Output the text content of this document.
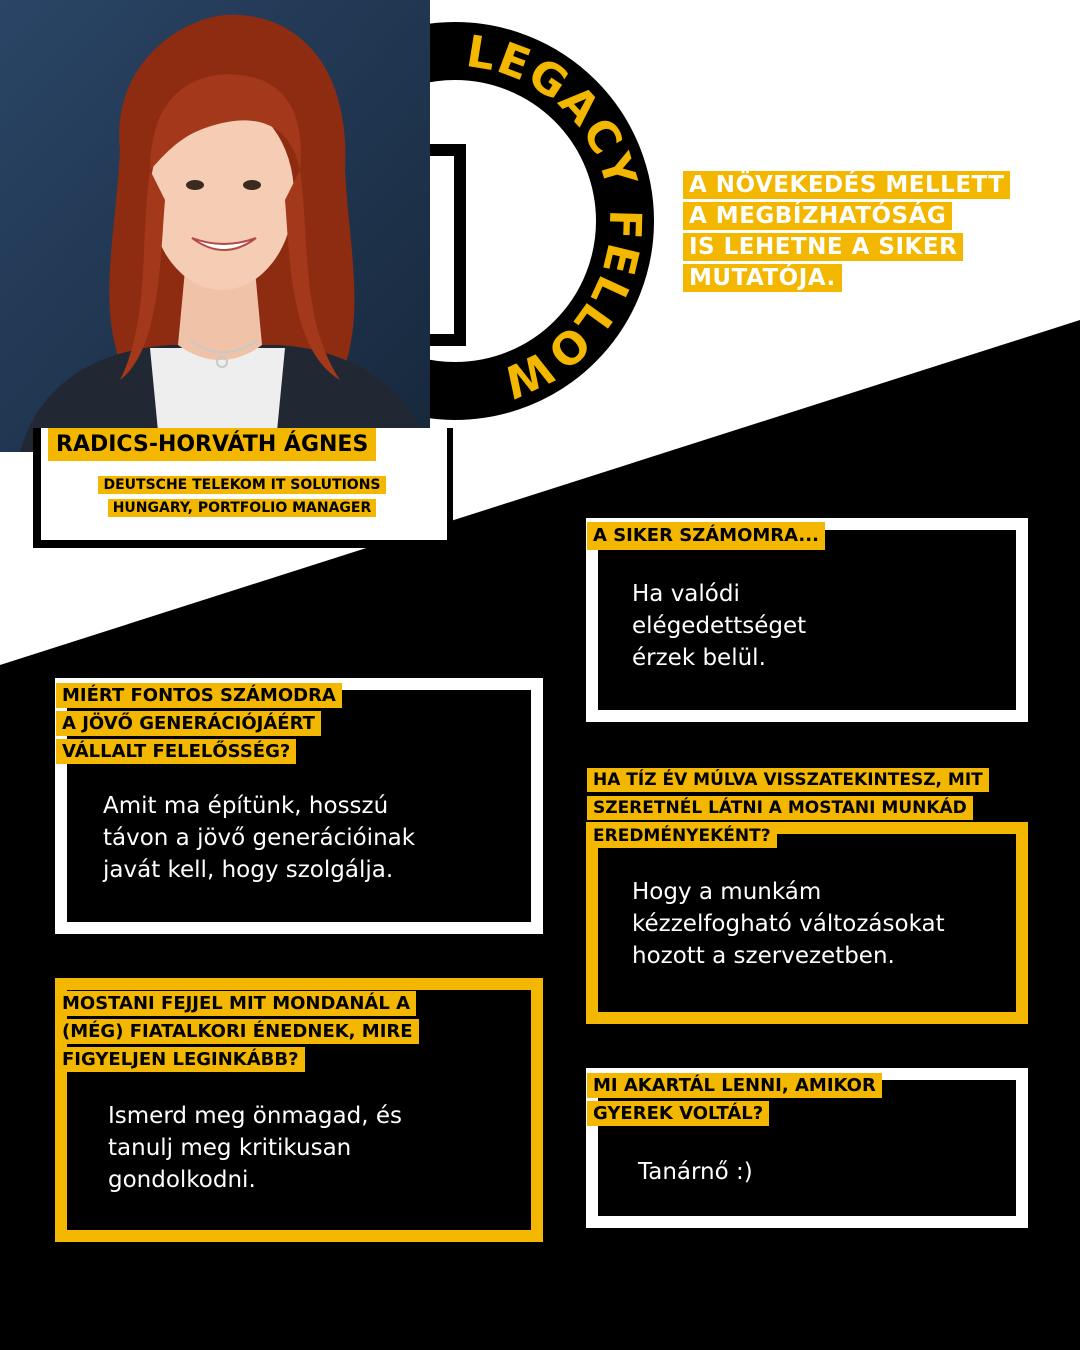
LEGACY FELLOW
RADICS-HORVÁTH ÁGNES
DEUTSCHE TELEKOM IT SOLUTIONS
HUNGARY, PORTFOLIO MANAGER
A NÖVEKEDÉS MELLETT
A MEGBÍZHATÓSÁG
IS LEHETNE A SIKER
MUTATÓJA.
A SIKER SZÁMOMRA...
Ha valódi
elégedettséget
érzek belül.
MIÉRT FONTOS SZÁMODRA
A JÖVŐ GENERÁCIÓJÁÉRT
VÁLLALT FELELŐSSÉG?
Amit ma építünk, hosszú
távon a jövő generációinak
javát kell, hogy szolgálja.
HA TÍZ ÉV MÚLVA VISSZATEKINTESZ, MIT
SZERETNÉL LÁTNI A MOSTANI MUNKÁD
EREDMÉNYEKÉNT?
Hogy a munkám
kézzelfogható változásokat
hozott a szervezetben.
MOSTANI FEJJEL MIT MONDANÁL A
(MÉG) FIATALKORI ÉNEDNEK, MIRE
FIGYELJEN LEGINKÁBB?
Ismerd meg önmagad, és
tanulj meg kritikusan
gondolkodni.
MI AKARTÁL LENNI, AMIKOR
GYEREK VOLTÁL?
Tanárnő :)
